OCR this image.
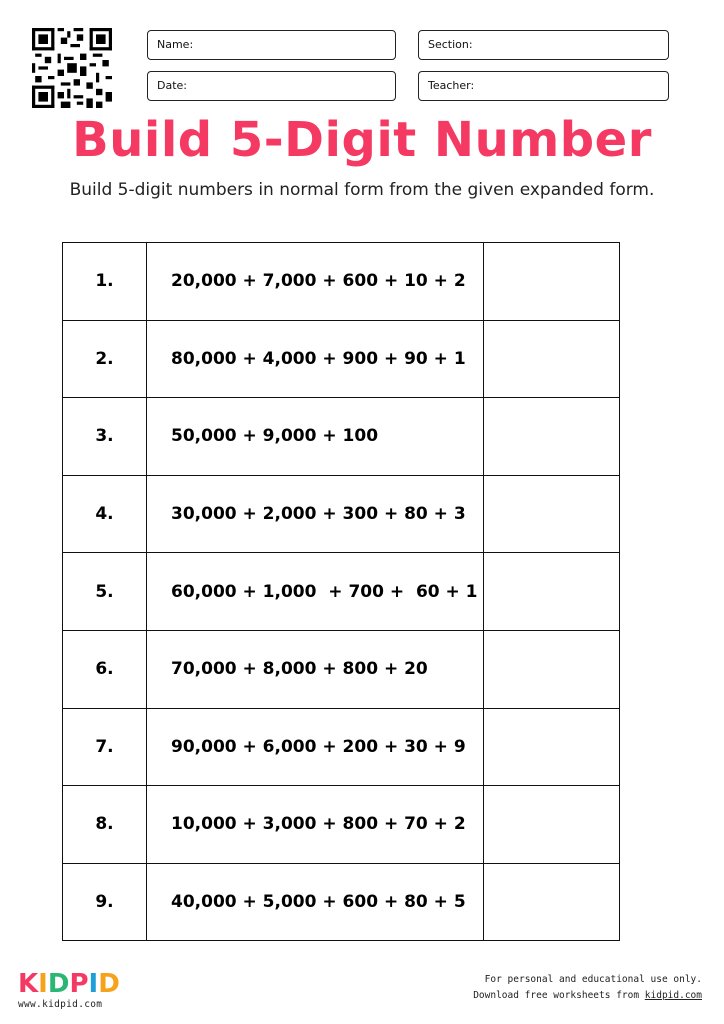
Name:	Section:
Date:	Teacher:
Build 5-Digit Number
Build 5-digit numbers in normal form from the given expanded form.
1.	20,000 + 7,000 + 600 + 10 + 2	
2.	80,000 + 4,000 + 900 + 90 + 1	
3.	50,000 + 9,000 + 100	
4.	30,000 + 2,000 + 300 + 80 + 3	
5.	60,000 + 1,000  + 700 +  60 + 1	
6.	70,000 + 8,000 + 800 + 20	
7.	90,000 + 6,000 + 200 + 30 + 9	
8.	10,000 + 3,000 + 800 + 70 + 2	
9.	40,000 + 5,000 + 600 + 80 + 5	
KIDPID
www.kidpid.com
For personal and educational use only.
Download free worksheets from kidpid.com
